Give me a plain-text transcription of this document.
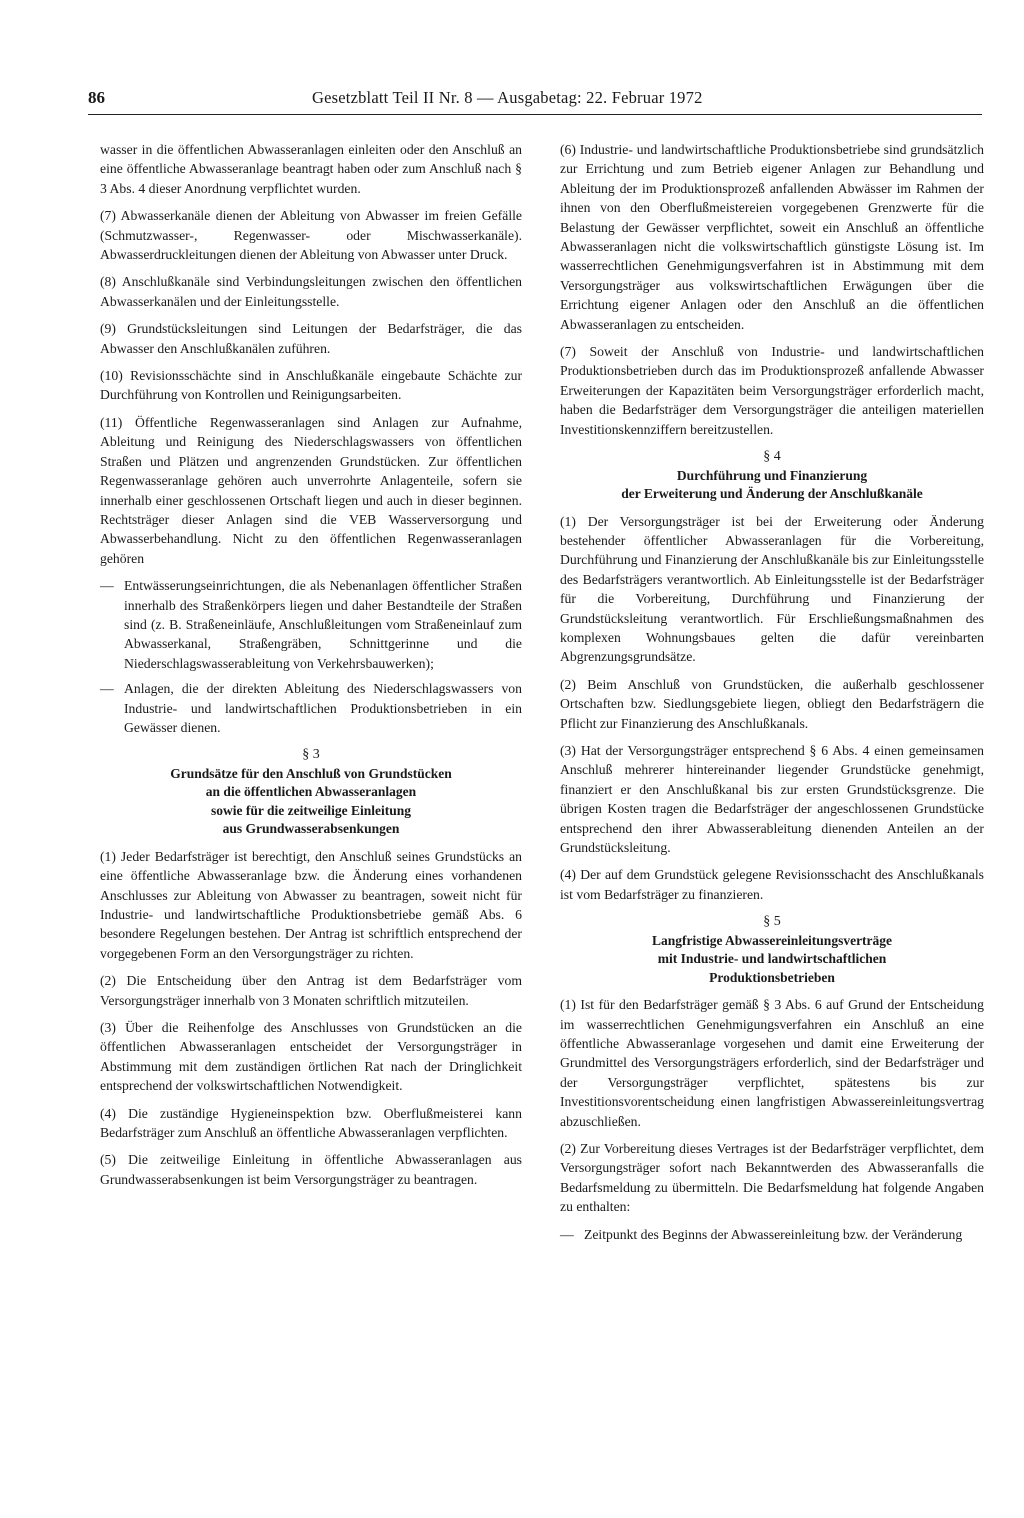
86	Gesetzblatt Teil II Nr. 8 — Ausgabetag: 22. Februar 1972

wasser in die öffentlichen Abwasseranlagen einleiten oder den Anschluß an eine öffentliche Abwasseranlage beantragt haben oder zum Anschluß nach § 3 Abs. 4 dieser Anordnung verpflichtet wurden.

(7) Abwasserkanäle dienen der Ableitung von Abwasser im freien Gefälle (Schmutzwasser-, Regenwasser- oder Mischwasserkanäle). Abwasserdruckleitungen dienen der Ableitung von Abwasser unter Druck.

(8) Anschlußkanäle sind Verbindungsleitungen zwischen den öffentlichen Abwasserkanälen und der Einleitungsstelle.

(9) Grundstücksleitungen sind Leitungen der Bedarfsträger, die das Abwasser den Anschlußkanälen zuführen.

(10) Revisionsschächte sind in Anschlußkanäle eingebaute Schächte zur Durchführung von Kontrollen und Reinigungsarbeiten.

(11) Öffentliche Regenwasseranlagen sind Anlagen zur Aufnahme, Ableitung und Reinigung des Niederschlagswassers von öffentlichen Straßen und Plätzen und angrenzenden Grundstücken. Zur öffentlichen Regenwasseranlage gehören auch unverrohrte Anlagenteile, sofern sie innerhalb einer geschlossenen Ortschaft liegen und auch in dieser beginnen. Rechtsträger dieser Anlagen sind die VEB Wasserversorgung und Abwasserbehandlung. Nicht zu den öffentlichen Regenwasseranlagen gehören

— Entwässerungseinrichtungen, die als Nebenanlagen öffentlicher Straßen innerhalb des Straßenkörpers liegen und daher Bestandteile der Straßen sind (z. B. Straßeneinläufe, Anschlußleitungen vom Straßeneinlauf zum Abwasserkanal, Straßengräben, Schnittgerinne und die Niederschlagswasserableitung von Verkehrsbauwerken);
— Anlagen, die der direkten Ableitung des Niederschlagswassers von Industrie- und landwirtschaftlichen Produktionsbetrieben in ein Gewässer dienen.
§ 3
Grundsätze für den Anschluß von Grundstücken
an die öffentlichen Abwasseranlagen
sowie für die zeitweilige Einleitung
aus Grundwasserabsenkungen

(1) Jeder Bedarfsträger ist berechtigt, den Anschluß seines Grundstücks an eine öffentliche Abwasseranlage bzw. die Änderung eines vorhandenen Anschlusses zur Ableitung von Abwasser zu beantragen, soweit nicht für Industrie- und landwirtschaftliche Produktionsbetriebe gemäß Abs. 6 besondere Regelungen bestehen. Der Antrag ist schriftlich entsprechend der vorgegebenen Form an den Versorgungsträger zu richten.

(2) Die Entscheidung über den Antrag ist dem Bedarfsträger vom Versorgungsträger innerhalb von 3 Monaten schriftlich mitzuteilen.

(3) Über die Reihenfolge des Anschlusses von Grundstücken an die öffentlichen Abwasseranlagen entscheidet der Versorgungsträger in Abstimmung mit dem zuständigen örtlichen Rat nach der Dringlichkeit entsprechend der volkswirtschaftlichen Notwendigkeit.

(4) Die zuständige Hygieneinspektion bzw. Oberflußmeisterei kann Bedarfsträger zum Anschluß an öffentliche Abwasseranlagen verpflichten.

(5) Die zeitweilige Einleitung in öffentliche Abwasseranlagen aus Grundwasserabsenkungen ist beim Versorgungsträger zu beantragen.

(6) Industrie- und landwirtschaftliche Produktionsbetriebe sind grundsätzlich zur Errichtung und zum Betrieb eigener Anlagen zur Behandlung und Ableitung der im Produktionsprozeß anfallenden Abwässer im Rahmen der ihnen von den Oberflußmeistereien vorgegebenen Grenzwerte für die Belastung der Gewässer verpflichtet, soweit ein Anschluß an öffentliche Abwasseranlagen nicht die volkswirtschaftlich günstigste Lösung ist. Im wasserrechtlichen Genehmigungsverfahren ist in Abstimmung mit dem Versorgungsträger aus volkswirtschaftlichen Erwägungen über die Errichtung eigener Anlagen oder den Anschluß an die öffentlichen Abwasseranlagen zu entscheiden.

(7) Soweit der Anschluß von Industrie- und landwirtschaftlichen Produktionsbetrieben durch das im Produktionsprozeß anfallende Abwasser Erweiterungen der Kapazitäten beim Versorgungsträger erforderlich macht, haben die Bedarfsträger dem Versorgungsträger die anteiligen materiellen Investitionskennziffern bereitzustellen.

§ 4
Durchführung und Finanzierung
der Erweiterung und Änderung der Anschlußkanäle

(1) Der Versorgungsträger ist bei der Erweiterung oder Änderung bestehender öffentlicher Abwasseranlagen für die Vorbereitung, Durchführung und Finanzierung der Anschlußkanäle bis zur Einleitungsstelle des Bedarfsträgers verantwortlich. Ab Einleitungsstelle ist der Bedarfsträger für die Vorbereitung, Durchführung und Finanzierung der Grundstücksleitung verantwortlich. Für Erschließungsmaßnahmen des komplexen Wohnungsbaues gelten die dafür vereinbarten Abgrenzungsgrundsätze.

(2) Beim Anschluß von Grundstücken, die außerhalb geschlossener Ortschaften bzw. Siedlungsgebiete liegen, obliegt den Bedarfsträgern die Pflicht zur Finanzierung des Anschlußkanals.

(3) Hat der Versorgungsträger entsprechend § 6 Abs. 4 einen gemeinsamen Anschluß mehrerer hintereinander liegender Grundstücke genehmigt, finanziert er den Anschlußkanal bis zur ersten Grundstücksgrenze. Die übrigen Kosten tragen die Bedarfsträger der angeschlossenen Grundstücke entsprechend den ihrer Abwasserableitung dienenden Anteilen an der Grundstücksleitung.

(4) Der auf dem Grundstück gelegene Revisionsschacht des Anschlußkanals ist vom Bedarfsträger zu finanzieren.

§ 5
Langfristige Abwassereinleitungsverträge
mit Industrie- und landwirtschaftlichen
Produktionsbetrieben

(1) Ist für den Bedarfsträger gemäß § 3 Abs. 6 auf Grund der Entscheidung im wasserrechtlichen Genehmigungsverfahren ein Anschluß an eine öffentliche Abwasseranlage vorgesehen und damit eine Erweiterung der Grundmittel des Versorgungsträgers erforderlich, sind der Bedarfsträger und der Versorgungsträger verpflichtet, spätestens bis zur Investitionsvorentscheidung einen langfristigen Abwassereinleitungsvertrag abzuschließen.

(2) Zur Vorbereitung dieses Vertrages ist der Bedarfsträger verpflichtet, dem Versorgungsträger sofort nach Bekanntwerden des Abwasseranfalls die Bedarfsmeldung zu übermitteln. Die Bedarfsmeldung hat folgende Angaben zu enthalten:

— Zeitpunkt des Beginns der Abwassereinleitung bzw. der Veränderung
